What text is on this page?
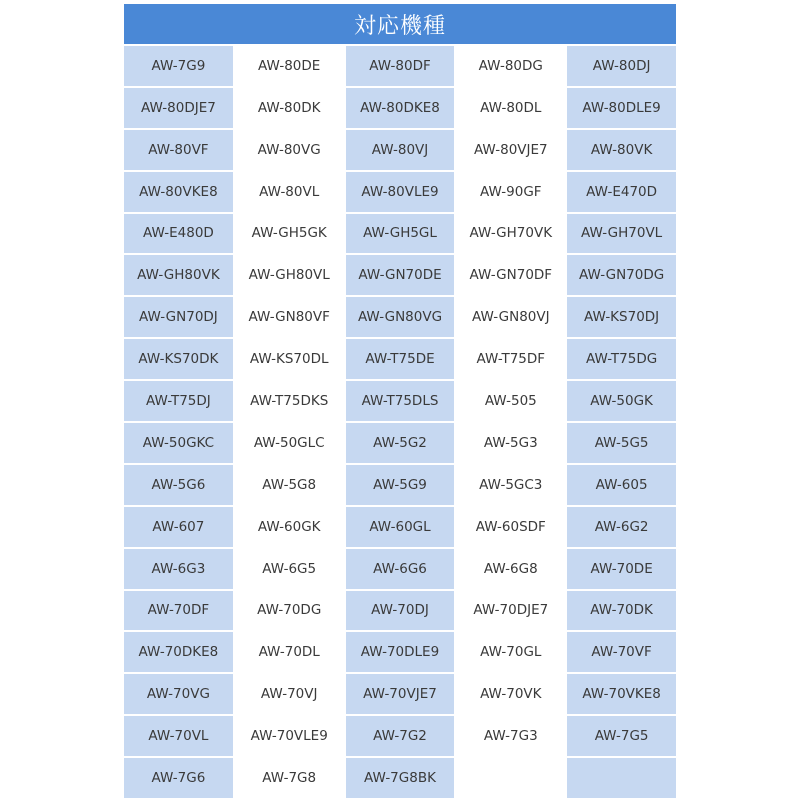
対応機種
AW-7G9	AW-80DE	AW-80DF	AW-80DG	AW-80DJ
AW-80DJE7	AW-80DK	AW-80DKE8	AW-80DL	AW-80DLE9
AW-80VF	AW-80VG	AW-80VJ	AW-80VJE7	AW-80VK
AW-80VKE8	AW-80VL	AW-80VLE9	AW-90GF	AW-E470D
AW-E480D	AW-GH5GK	AW-GH5GL	AW-GH70VK	AW-GH70VL
AW-GH80VK	AW-GH80VL	AW-GN70DE	AW-GN70DF	AW-GN70DG
AW-GN70DJ	AW-GN80VF	AW-GN80VG	AW-GN80VJ	AW-KS70DJ
AW-KS70DK	AW-KS70DL	AW-T75DE	AW-T75DF	AW-T75DG
AW-T75DJ	AW-T75DKS	AW-T75DLS	AW-505	AW-50GK
AW-50GKC	AW-50GLC	AW-5G2	AW-5G3	AW-5G5
AW-5G6	AW-5G8	AW-5G9	AW-5GC3	AW-605
AW-607	AW-60GK	AW-60GL	AW-60SDF	AW-6G2
AW-6G3	AW-6G5	AW-6G6	AW-6G8	AW-70DE
AW-70DF	AW-70DG	AW-70DJ	AW-70DJE7	AW-70DK
AW-70DKE8	AW-70DL	AW-70DLE9	AW-70GL	AW-70VF
AW-70VG	AW-70VJ	AW-70VJE7	AW-70VK	AW-70VKE8
AW-70VL	AW-70VLE9	AW-7G2	AW-7G3	AW-7G5
AW-7G6	AW-7G8	AW-7G8BK
